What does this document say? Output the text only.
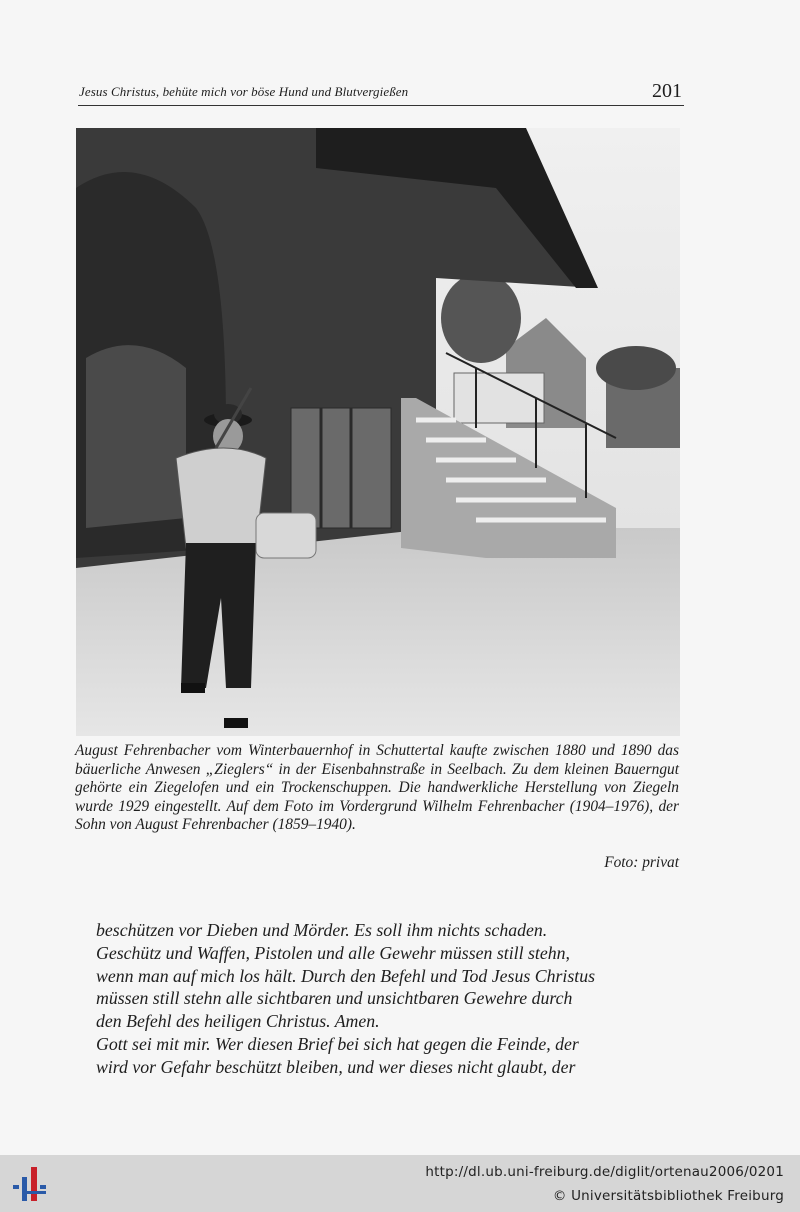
Jesus Christus, behüte mich vor böse Hund und Blutvergießen	201
August Fehrenbacher vom Winterbauernhof in Schuttertal kaufte zwischen 1880 und 1890 das bäuerliche Anwesen „Zieglers“ in der Eisenbahnstraße in Seelbach. Zu dem kleinen Bauerngut gehörte ein Ziegelofen und ein Trockenschuppen. Die handwerkliche Herstellung von Ziegeln wurde 1929 eingestellt. Auf dem Foto im Vordergrund Wilhelm Fehrenbacher (1904–1976), der Sohn von August Fehrenbacher (1859–1940).
Foto: privat
beschützen vor Dieben und Mörder. Es soll ihm nichts schaden.
Geschütz und Waffen, Pistolen und alle Gewehr müssen still stehn,
wenn man auf mich los hält. Durch den Befehl und Tod Jesus Christus
müssen still stehn alle sichtbaren und unsichtbaren Gewehre durch
den Befehl des heiligen Christus. Amen.
Gott sei mit mir. Wer diesen Brief bei sich hat gegen die Feinde, der
wird vor Gefahr beschützt bleiben, und wer dieses nicht glaubt, der
http://dl.ub.uni-freiburg.de/diglit/ortenau2006/0201
© Universitätsbibliothek Freiburg
